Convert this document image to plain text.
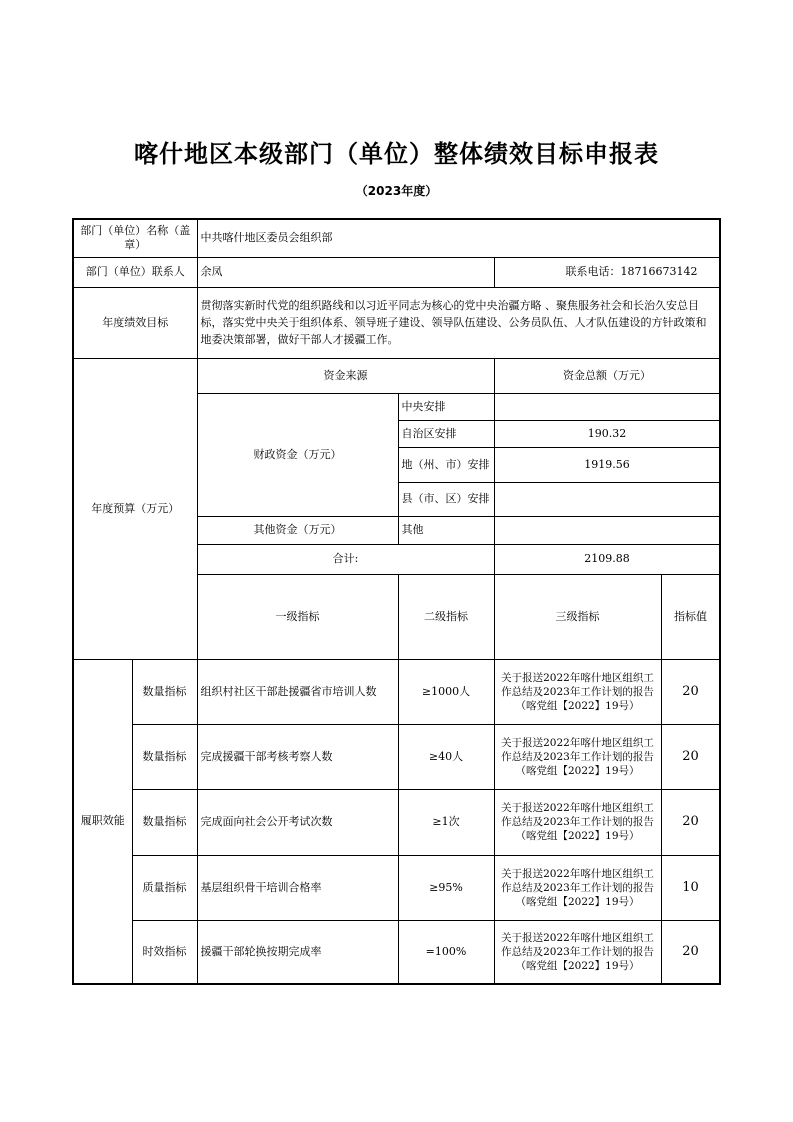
喀什地区本级部门（单位）整体绩效目标申报表
（2023年度）
部门（单位）名称（盖章）		中共喀什地区委员会组织部				
部门（单位）联系人		余凤		联系电话：18716673142		
年度绩效目标		贯彻落实新时代党的组织路线和以习近平同志为核心的党中央治疆方略 、聚焦服务社会和长治久安总目标，落实党中央关于组织体系、领导班子建设、领导队伍建设、公务员队伍、人才队伍建设的方针政策和地委决策部署，做好干部人才援疆工作。				
年度预算（万元）		资金来源		资金总额（万元）		
		财政资金（万元）	中央安排			
			自治区安排	190.32		
			地（州、市）安排	1919.56		
			县（市、区）安排			
		其他资金（万元）	其他			
		合计:		2109.88		
		一级指标	二级指标	三级指标	指标值		
履职效能	数量指标	组织村社区干部赴援疆省市培训人数	≥1000人	关于报送2022年喀什地区组织工作总结及2023年工作计划的报告（喀党组【2022】19号）	20	
	数量指标	完成援疆干部考核考察人数	≥40人	关于报送2022年喀什地区组织工作总结及2023年工作计划的报告（喀党组【2022】19号）	20	
	数量指标	完成面向社会公开考试次数	≥1次	关于报送2022年喀什地区组织工作总结及2023年工作计划的报告（喀党组【2022】19号）	20	
	质量指标	基层组织骨干培训合格率	≥95%	关于报送2022年喀什地区组织工作总结及2023年工作计划的报告（喀党组【2022】19号）	10	
	时效指标	援疆干部轮换按期完成率	=100%	关于报送2022年喀什地区组织工作总结及2023年工作计划的报告（喀党组【2022】19号）	20	
